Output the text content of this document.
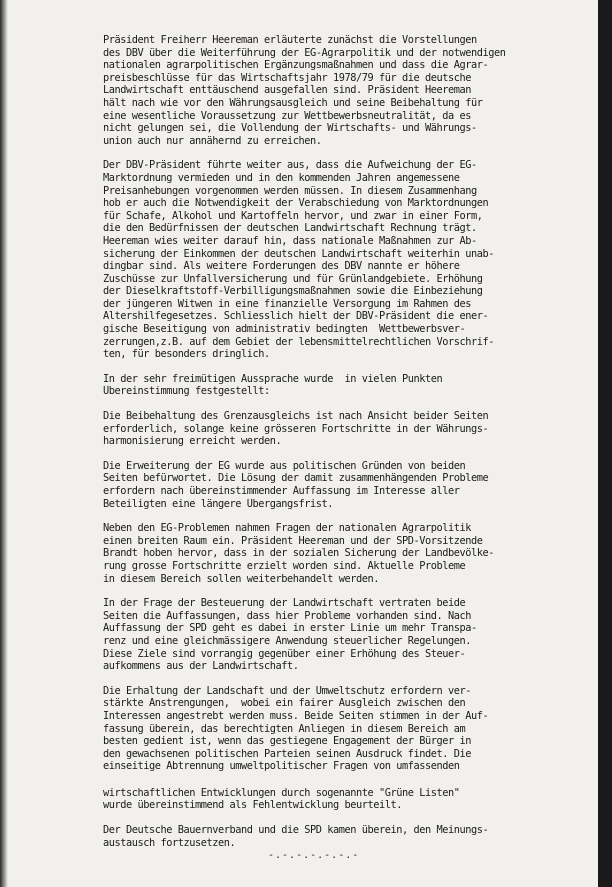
Präsident Freiherr Heereman erläuterte zunächst die Vorstellungen
des DBV über die Weiterführung der EG-Agrarpolitik und der notwendigen
nationalen agrarpolitischen Ergänzungsmaßnahmen und dass die Agrar-
preisbeschlüsse für das Wirtschaftsjahr 1978/79 für die deutsche
Landwirtschaft enttäuschend ausgefallen sind. Präsident Heereman
hält nach wie vor den Währungsausgleich und seine Beibehaltung für
eine wesentliche Voraussetzung zur Wettbewerbsneutralität, da es
nicht gelungen sei, die Vollendung der Wirtschafts- und Währungs-
union auch nur annähernd zu erreichen.
Der DBV-Präsident führte weiter aus, dass die Aufweichung der EG-
Marktordnung vermieden und in den kommenden Jahren angemessene
Preisanhebungen vorgenommen werden müssen. In diesem Zusammenhang
hob er auch die Notwendigkeit der Verabschiedung von Marktordnungen
für Schafe, Alkohol und Kartoffeln hervor, und zwar in einer Form,
die den Bedürfnissen der deutschen Landwirtschaft Rechnung trägt.
Heereman wies weiter darauf hin, dass nationale Maßnahmen zur Ab-
sicherung der Einkommen der deutschen Landwirtschaft weiterhin unab-
dingbar sind. Als weitere Forderungen des DBV nannte er höhere
Zuschüsse zur Unfallversicherung und für Grünlandgebiete. Erhöhung
der Dieselkraftstoff-Verbilligungsmaßnahmen sowie die Einbeziehung
der jüngeren Witwen in eine finanzielle Versorgung im Rahmen des
Altershilfegesetzes. Schliesslich hielt der DBV-Präsident die ener-
gische Beseitigung von administrativ bedingten  Wettbewerbsver-
zerrungen,z.B. auf dem Gebiet der lebensmittelrechtlichen Vorschrif-
ten, für besonders dringlich.
In der sehr freimütigen Aussprache wurde  in vielen Punkten
Übereinstimmung festgestellt:
Die Beibehaltung des Grenzausgleichs ist nach Ansicht beider Seiten
erforderlich, solange keine grösseren Fortschritte in der Währungs-
harmonisierung erreicht werden.
Die Erweiterung der EG wurde aus politischen Gründen von beiden
Seiten befürwortet. Die Lösung der damit zusammenhängenden Probleme
erfordern nach übereinstimmender Auffassung im Interesse aller
Beteiligten eine längere Übergangsfrist.
Neben den EG-Problemen nahmen Fragen der nationalen Agrarpolitik
einen breiten Raum ein. Präsident Heereman und der SPD-Vorsitzende
Brandt hoben hervor, dass in der sozialen Sicherung der Landbevölke-
rung grosse Fortschritte erzielt worden sind. Aktuelle Probleme
in diesem Bereich sollen weiterbehandelt werden.
In der Frage der Besteuerung der Landwirtschaft vertraten beide
Seiten die Auffassungen, dass hier Probleme vorhanden sind. Nach
Auffassung der SPD geht es dabei in erster Linie um mehr Transpa-
renz und eine gleichmässigere Anwendung steuerlicher Regelungen.
Diese Ziele sind vorrangig gegenüber einer Erhöhung des Steuer-
aufkommens aus der Landwirtschaft.
Die Erhaltung der Landschaft und der Umweltschutz erfordern ver-
stärkte Anstrengungen,  wobei ein fairer Ausgleich zwischen den
Interessen angestrebt werden muss. Beide Seiten stimmen in der Auf-
fassung überein, das berechtigten Anliegen in diesem Bereich am
besten gedient ist, wenn das gestiegene Engagement der Bürger in
den gewachsenen politischen Parteien seinen Ausdruck findet. Die
einseitige Abtrennung umweltpolitischer Fragen von umfassenden
wirtschaftlichen Entwicklungen durch sogenannte "Grüne Listen"
wurde übereinstimmend als Fehlentwicklung beurteilt.
Der Deutsche Bauernverband und die SPD kamen überein, den Meinungs-
austausch fortzusetzen.
-.-.-.-.-.-.-
